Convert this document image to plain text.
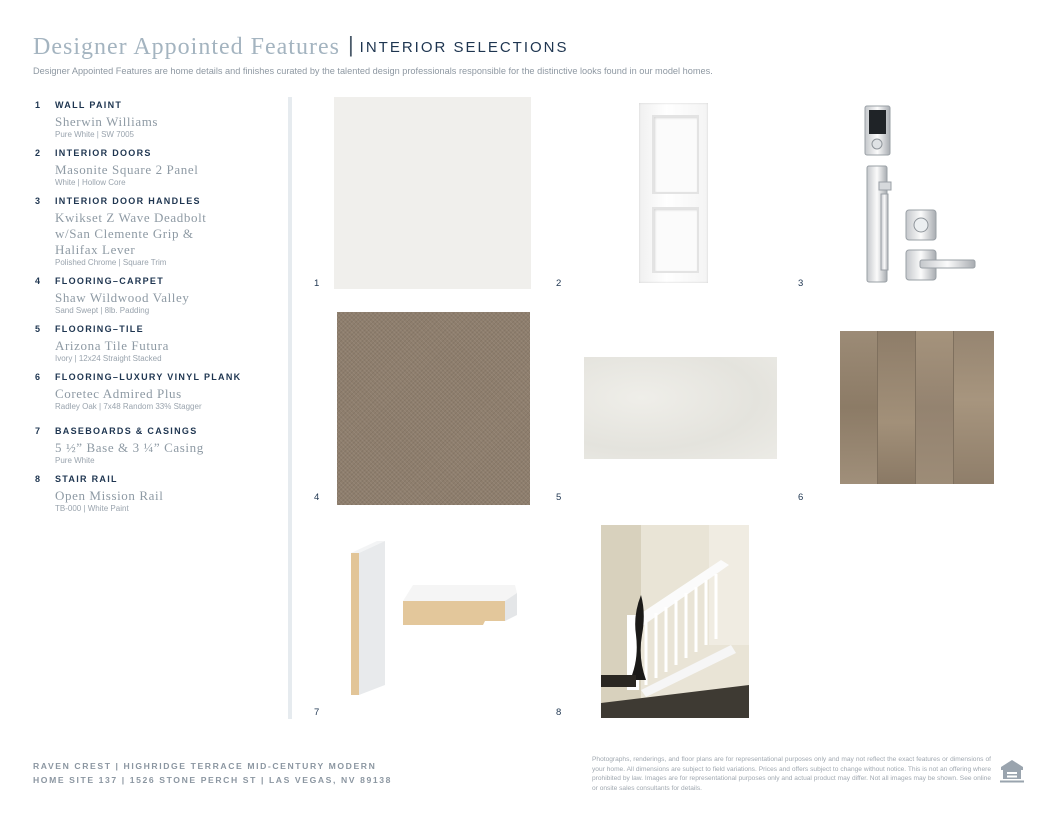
Designer Appointed Features | INTERIOR SELECTIONS
Designer Appointed Features are home details and finishes curated by the talented design professionals responsible for the distinctive looks found in our model homes.
1	WALL PAINT
Sherwin Williams
Pure White | SW 7005
2	INTERIOR DOORS
Masonite Square 2 Panel
White | Hollow Core
3	INTERIOR DOOR HANDLES
Kwikset Z Wave Deadbolt w/San Clemente Grip & Halifax Lever
Polished Chrome | Square Trim
4	FLOORING–CARPET
Shaw Wildwood Valley
Sand Swept | 8lb. Padding
5	FLOORING–TILE
Arizona Tile Futura
Ivory | 12x24 Straight Stacked
6	FLOORING–LUXURY VINYL PLANK
Coretec Admired Plus
Radley Oak | 7x48 Random 33% Stagger
7	BASEBOARDS & CASINGS
5 ½” Base & 3 ¼” Casing
Pure White
8	STAIR RAIL
Open Mission Rail
TB-000 | White Paint
1	2	3
4	5	6
7	8
RAVEN CREST | HIGHRIDGE TERRACE MID-CENTURY MODERN
HOME SITE 137 | 1526 STONE PERCH ST | LAS VEGAS, NV 89138
Photographs, renderings, and floor plans are for representational purposes only and may not reflect the exact features or dimensions of your home. All dimensions are subject to field variations. Prices and offers subject to change without notice. This is not an offering where prohibited by law. Images are for representational purposes only and actual product may differ. Not all images may be shown. See online or onsite sales consultants for details.
